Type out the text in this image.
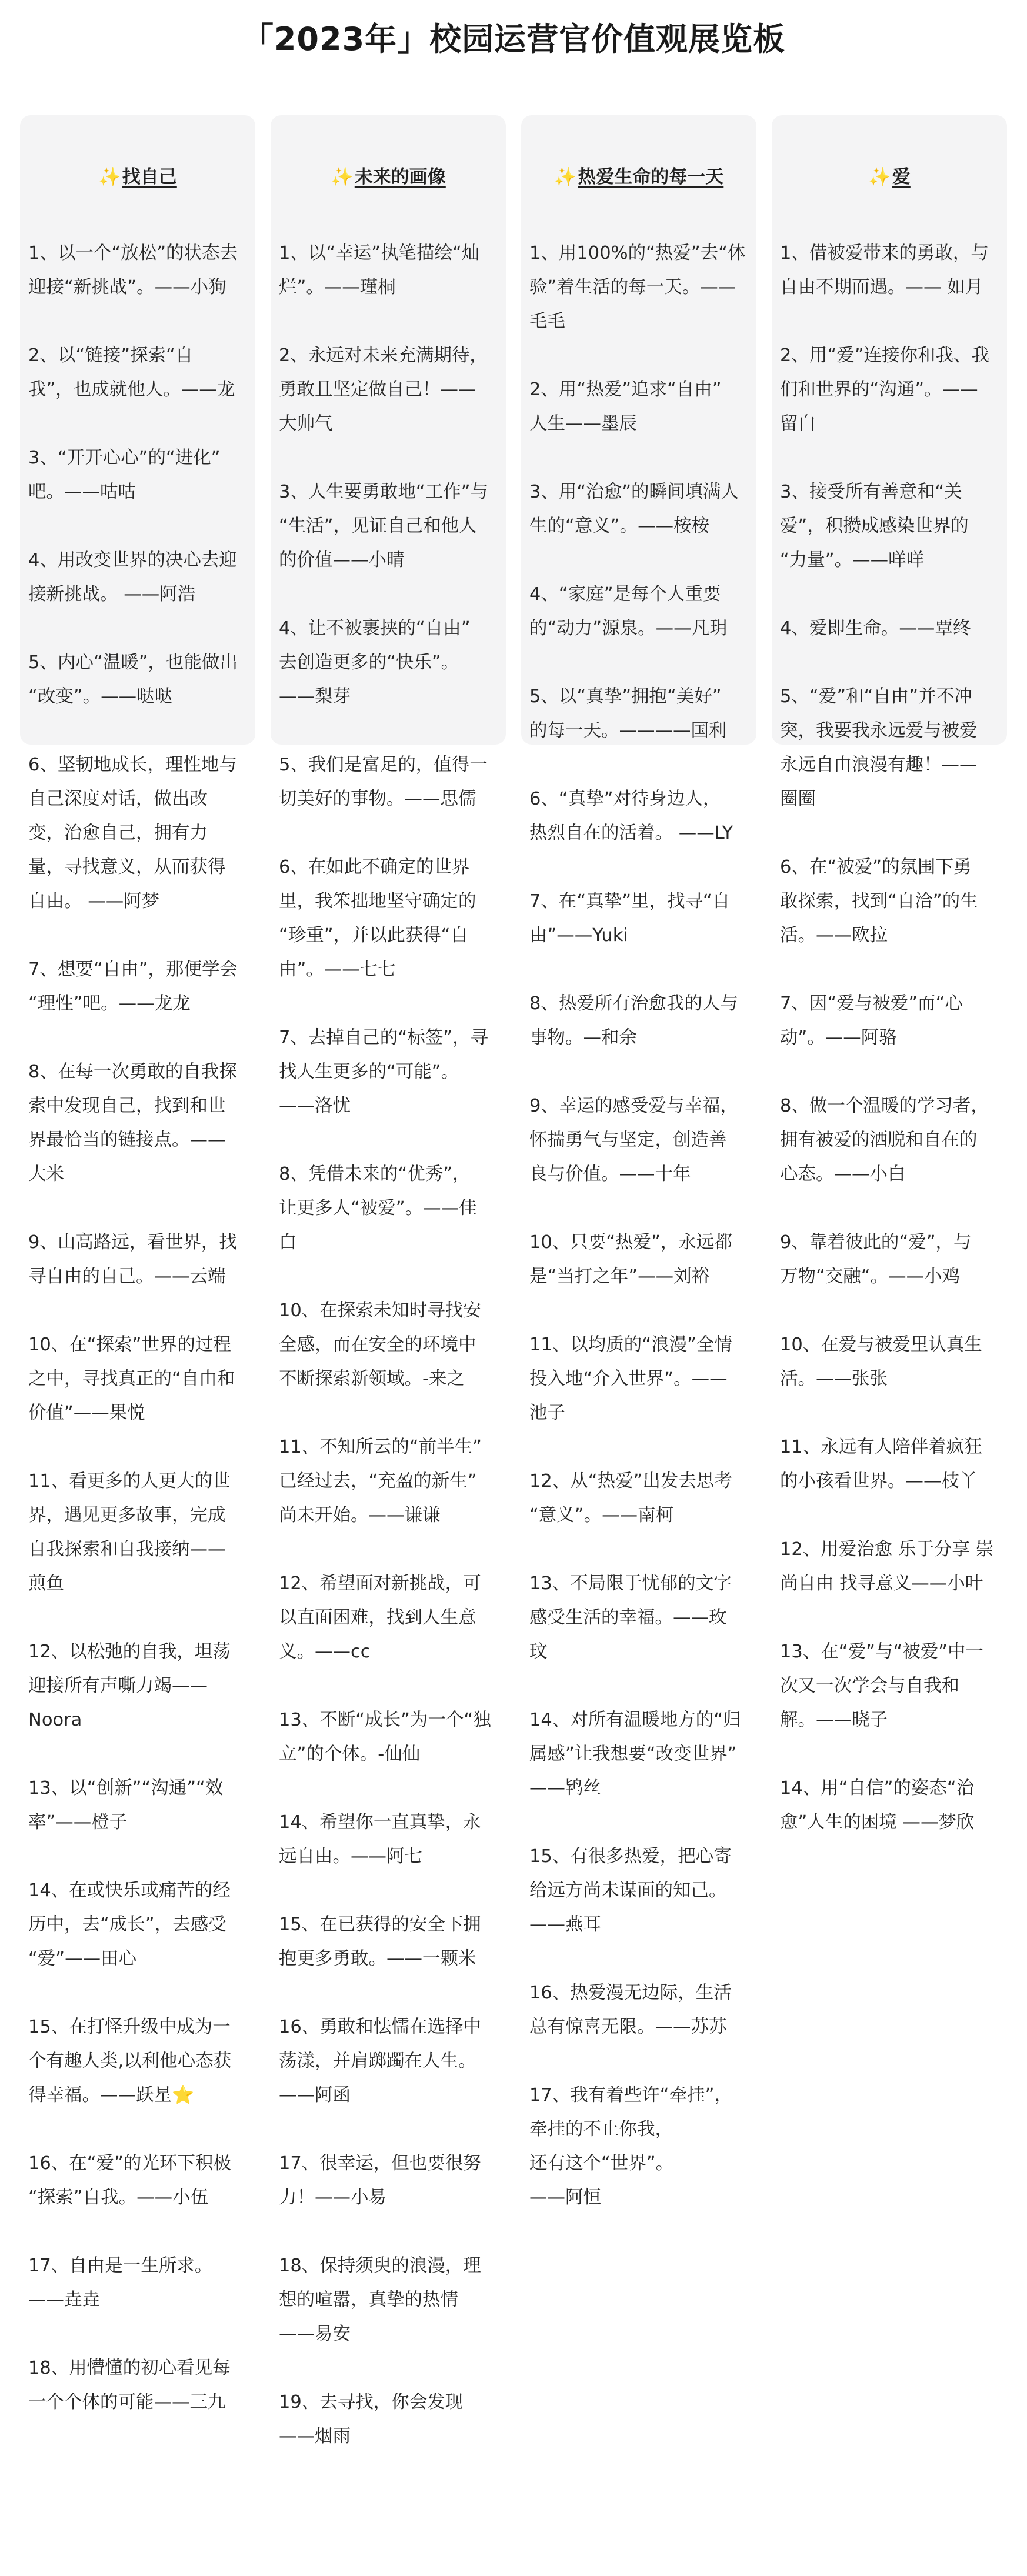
「2023年」校园运营官价值观展览板
✨找自己
1、以一个“放松”的状态去
迎接“新挑战”。——小狗
2、以“链接”探索“自
我”，也成就他人。——龙
3、“开开心心”的“进化”
吧。——咕咕
4、用改变世界的决心去迎
接新挑战。 ——阿浩
5、内心“温暖”，也能做出
“改变”。——哒哒
6、坚韧地成长，理性地与
自己深度对话，做出改
变，治愈自己，拥有力
量，寻找意义，从而获得
自由。 ——阿梦
7、想要“自由”，那便学会
“理性”吧。——龙龙
8、在每一次勇敢的自我探
索中发现自己，找到和世
界最恰当的链接点。——
大米
9、山高路远，看世界，找
寻自由的自己。——云端
10、在“探索”世界的过程
之中，寻找真正的“自由和
价值”——果悦
11、看更多的人更大的世
界，遇见更多故事，完成
自我探索和自我接纳——
煎鱼
12、以松弛的自我，坦荡
迎接所有声嘶力竭——
Noora
13、以“创新”“沟通”“效
率”——橙子
14、在或快乐或痛苦的经
历中，去“成长”，去感受
“爱”——田心
15、在打怪升级中成为一
个有趣人类,以利他心态获
得幸福。——跃星⭐
16、在“爱”的光环下积极
“探索”自我。——小伍
17、自由是一生所求。
——垚垚
18、用懵懂的初心看见每
一个个体的可能——三九
✨未来的画像
1、以“幸运”执笔描绘“灿
烂”。——瑾桐
2、永远对未来充满期待，
勇敢且坚定做自己！——
大帅气
3、人生要勇敢地“工作”与
“生活”，见证自己和他人
的价值——小晴
4、让不被裹挟的“自由”
去创造更多的“快乐”。
——梨芽
5、我们是富足的，值得一
切美好的事物。——思儒
6、在如此不确定的世界
里，我笨拙地坚守确定的
“珍重”，并以此获得“自
由”。——七七
7、去掉自己的“标签”，寻
找人生更多的“可能”。
——洛忧
8、凭借未来的“优秀”，
让更多人“被爱”。——佳
白
10、在探索未知时寻找安
全感，而在安全的环境中
不断探索新领域。-来之
11、不知所云的“前半生”
已经过去，“充盈的新生”
尚未开始。——谦谦
12、希望面对新挑战，可
以直面困难，找到人生意
义。——cc
13、不断“成长”为一个“独
立”的个体。-仙仙
14、希望你一直真挚，永
远自由。——阿七
15、在已获得的安全下拥
抱更多勇敢。——一颗米
16、勇敢和怯懦在选择中
荡漾，并肩踯躅在人生。
——阿函
17、很幸运，但也要很努
力！——小易
18、保持须臾的浪漫，理
想的喧嚣，真挚的热情
——易安
19、去寻找，你会发现
——烟雨
✨热爱生命的每一天
1、用100%的“热爱”去“体
验”着生活的每一天。——
毛毛
2、用“热爱”追求“自由”
人生——墨辰
3、用“治愈”的瞬间填满人
生的“意义”。——桉桉
4、“家庭”是每个人重要
的“动力”源泉。——凡玥
5、以“真挚”拥抱“美好”
的每一天。————国利
6、“真挚”对待身边人，
热烈自在的活着。 ——LY
7、在“真挚”里，找寻“自
由”——Yuki
8、热爱所有治愈我的人与
事物。—和余
9、幸运的感受爱与幸福，
怀揣勇气与坚定，创造善
良与价值。——十年
10、只要“热爱”，永远都
是“当打之年”——刘裕
11、以均质的“浪漫”全情
投入地“介入世界”。——
池子
12、从“热爱”出发去思考
“意义”。——南柯
13、不局限于忧郁的文字
感受生活的幸福。——玫
玟
14、对所有温暖地方的“归
属感”让我想要“改变世界”
——鸨丝
15、有很多热爱，把心寄
给远方尚未谋面的知己。
——燕耳
16、热爱漫无边际，生活
总有惊喜无限。——苏苏
17、我有着些许“牵挂”，
牵挂的不止你我，
还有这个“世界”。
——阿恒
✨爱
1、借被爱带来的勇敢，与
自由不期而遇。—— 如月
2、用“爱”连接你和我、我
们和世界的“沟通”。——
留白
3、接受所有善意和“关
爱”，积攒成感染世界的
“力量”。——咩咩
4、爱即生命。——覃终
5、“爱”和“自由”并不冲
突，我要我永远爱与被爱
永远自由浪漫有趣！——
圈圈
6、在“被爱”的氛围下勇
敢探索，找到“自洽”的生
活。——欧拉
7、因“爱与被爱”而“心
动”。——阿骆
8、做一个温暖的学习者，
拥有被爱的洒脱和自在的
心态。——小白
9、靠着彼此的“爱”，与
万物“交融“。——小鸡
10、在爱与被爱里认真生
活。——张张
11、永远有人陪伴着疯狂
的小孩看世界。——枝丫
12、用爱治愈 乐于分享 崇
尚自由 找寻意义——小叶
13、在“爱”与“被爱”中一
次又一次学会与自我和
解。——晓子
14、用“自信”的姿态“治
愈”人生的困境 ——梦欣
